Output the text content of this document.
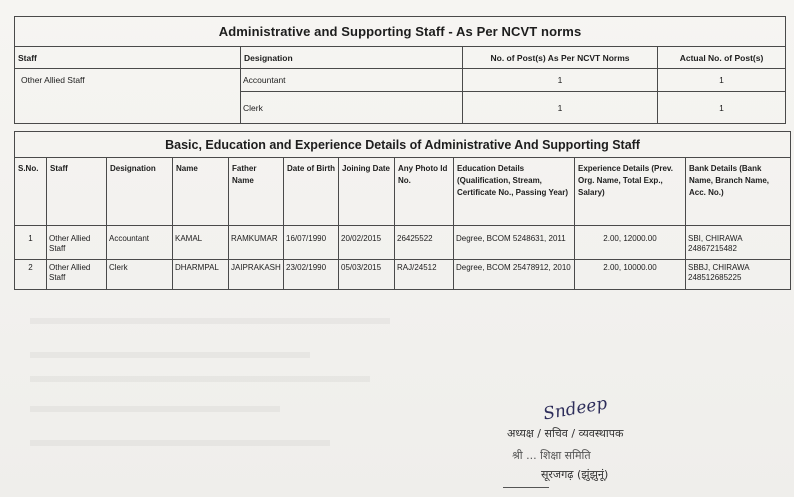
Administrative and Supporting Staff - As Per NCVT norms			
Staff	Designation	No. of Post(s) As Per NCVT Norms	Actual No. of Post(s)
Other Allied Staff	Accountant	1	1
	Clerk	1	1
Basic, Education and Experience Details of Administrative And Supporting Staff										
S.No.	Staff	Designation	Name	Father Name	Date of Birth	Joining Date	Any Photo Id No.	Education Details (Qualification, Stream, Certificate No., Passing Year)	Experience Details (Prev. Org. Name, Total Exp., Salary)	Bank Details (Bank Name, Branch Name, Acc. No.)
1	Other Allied Staff	Accountant	KAMAL	RAMKUMAR	16/07/1990	20/02/2015	26425522	Degree, BCOM 5248631, 2011	2.00, 12000.00	SBI, CHIRAWA 24867215482
2	Other Allied Staff	Clerk	DHARMPAL	JAIPRAKASH	23/02/1990	05/03/2015	RAJ/24512	Degree, BCOM 25478912, 2010	2.00, 10000.00	SBBJ, CHIRAWA 248512685225
Sndeep
अध्यक्ष / सचिव / व्यवस्थापक
श्री ... शिक्षा समिति
सूरजगढ़ (झुंझुनूं)
